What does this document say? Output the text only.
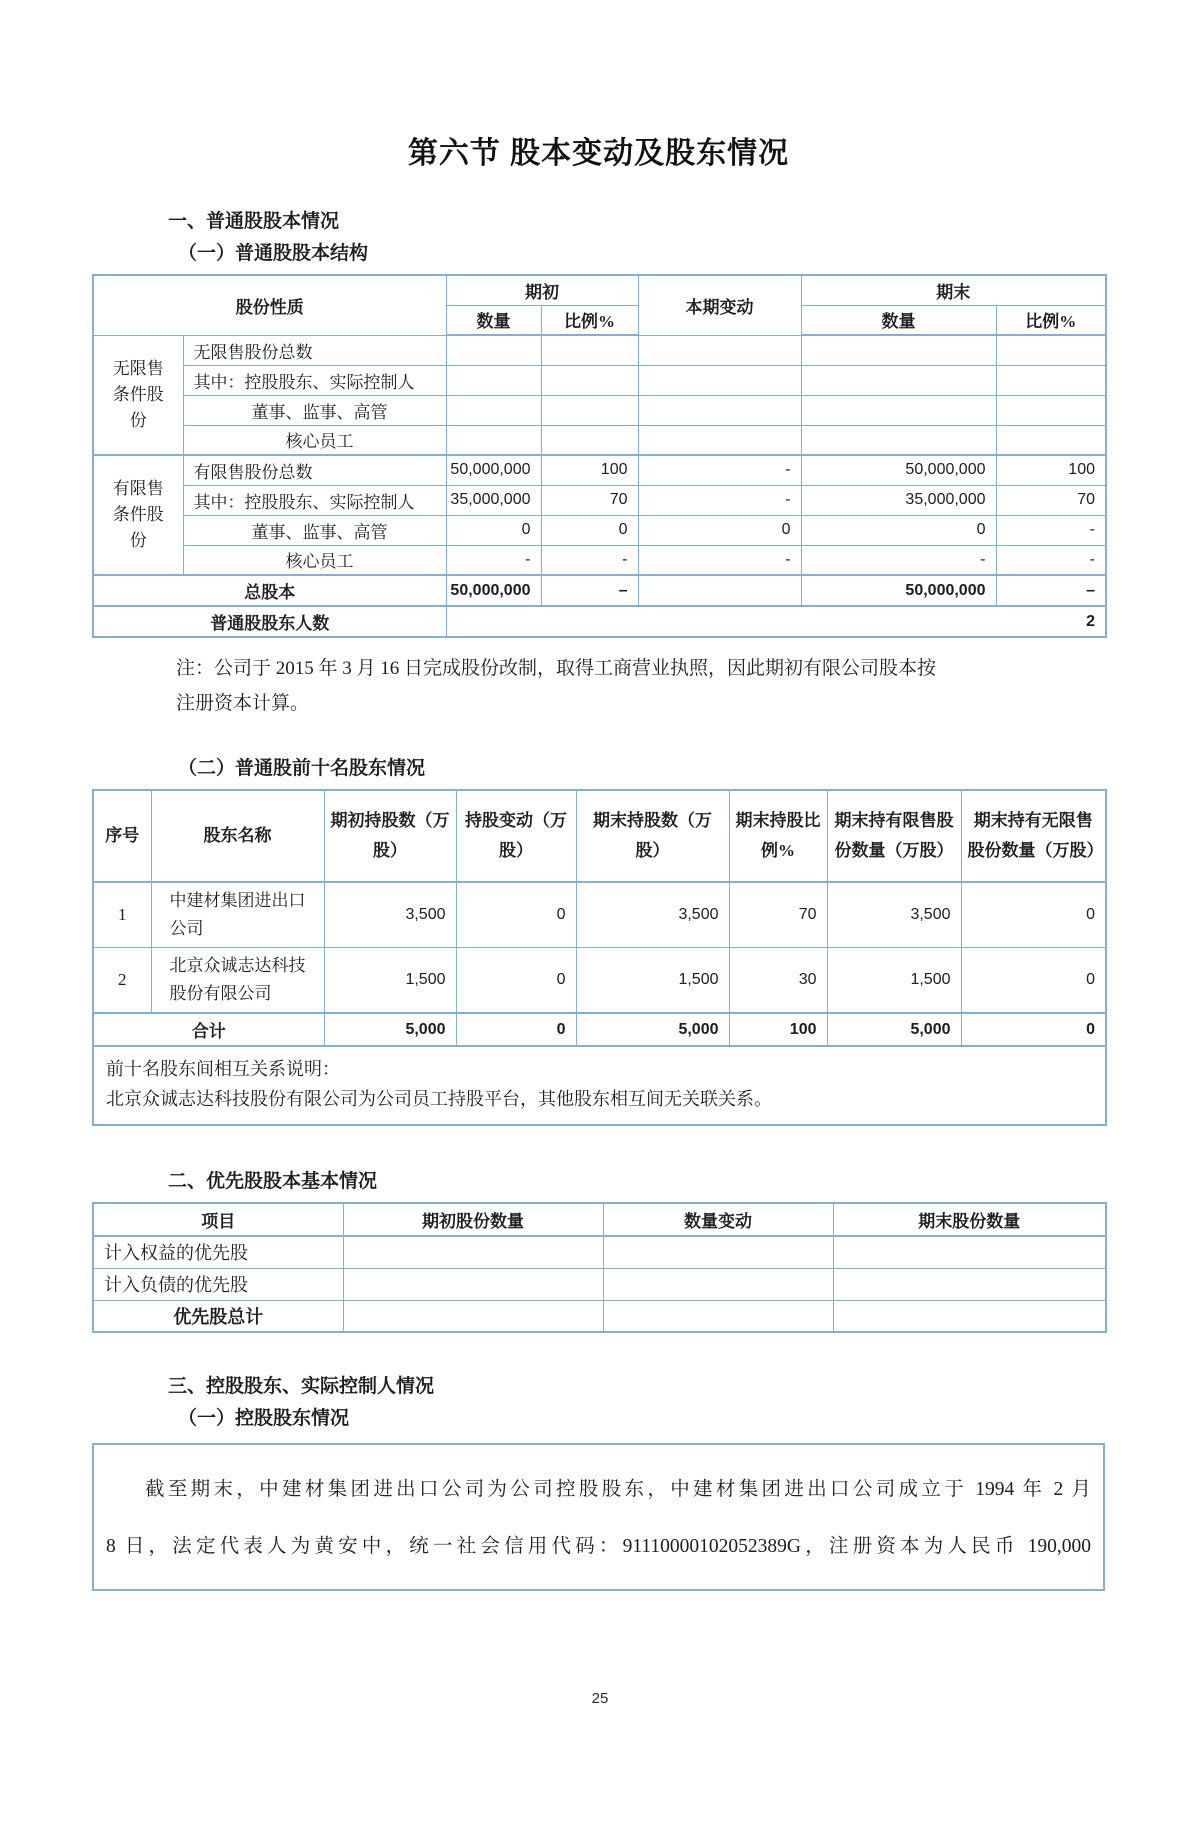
第六节 股本变动及股东情况
一、普通股股本情况
（一）普通股股本结构
股份性质		期初		本期变动	期末	
		数量	比例%		数量	比例%
无限售条件股份	无限售股份总数					
	其中：控股股东、实际控制人					
	董事、监事、高管					
	核心员工					
有限售条件股份	有限售股份总数	50,000,000	100	-	50,000,000	100
	其中：控股股东、实际控制人	35,000,000	70	-	35,000,000	70
	董事、监事、高管	0	0	0	0	-
	核心员工	-	-	-	-	-
总股本		50,000,000	–		50,000,000	–
普通股股东人数		2				
注：公司于 2015 年 3 月 16 日完成股份改制，取得工商营业执照，因此期初有限公司股本按
注册资本计算。
（二）普通股前十名股东情况
序号	股东名称	期初持股数（万股）	持股变动（万股）	期末持股数（万股）	期末持股比例%	期末持有限售股份数量（万股）	期末持有无限售股份数量（万股）
1	中建材集团进出口公司	3,500	0	3,500	70	3,500	0
2	北京众诚志达科技股份有限公司	1,500	0	1,500	30	1,500	0
合计		5,000	0	5,000	100	5,000	0

前十名股东间相互关系说明：
北京众诚志达科技股份有限公司为公司员工持股平台，其他股东相互间无关联关系。							
二、优先股股本基本情况
项目	期初股份数量	数量变动	期末股份数量
计入权益的优先股			
计入负债的优先股			
优先股总计			
三、控股股东、实际控制人情况
（一）控股股东情况
截至期末，中建材集团进出口公司为公司控股股东，中建材集团进出口公司成立于 1994 年 2 月
8 日，法定代表人为黄安中，统一社会信用代码：91110000102052389G，注册资本为人民币 190,000
25
